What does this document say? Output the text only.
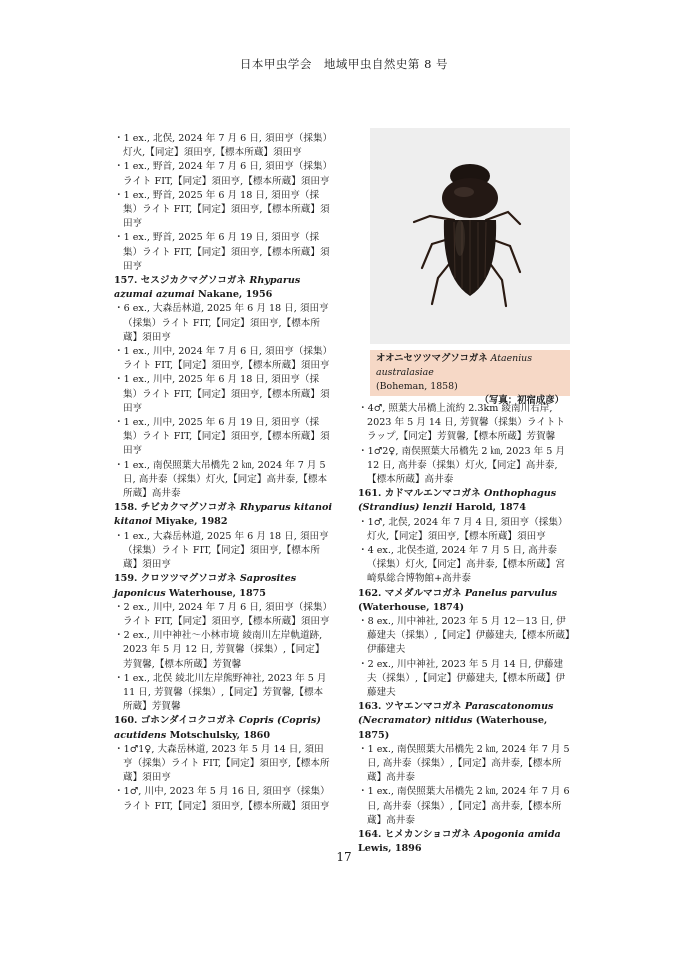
日本甲虫学会　地域甲虫自然史第 8 号

・1 ex., 北俣, 2024 年 7 月 6 日, 須田亨（採集）灯火,【同定】須田亨,【標本所蔵】須田亨

・1 ex., 野首, 2024 年 7 月 6 日, 須田亨（採集）ライト FIT,【同定】須田亨,【標本所蔵】須田亨

・1 ex., 野首, 2025 年 6 月 18 日, 須田亨（採集）ライト FIT,【同定】須田亨,【標本所蔵】須田亨

・1 ex., 野首, 2025 年 6 月 19 日, 須田亨（採集）ライト FIT,【同定】須田亨,【標本所蔵】須田亨

157. セスジカクマグソコガネ Rhyparus azumai azumai Nakane, 1956

・6 ex., 大森岳林道, 2025 年 6 月 18 日, 須田亨（採集）ライト FIT,【同定】須田亨,【標本所蔵】須田亨

・1 ex., 川中, 2024 年 7 月 6 日, 須田亨（採集）ライト FIT,【同定】須田亨,【標本所蔵】須田亨

・1 ex., 川中, 2025 年 6 月 18 日, 須田亨（採集）ライト FIT,【同定】須田亨,【標本所蔵】須田亨

・1 ex., 川中, 2025 年 6 月 19 日, 須田亨（採集）ライト FIT,【同定】須田亨,【標本所蔵】須田亨

・1 ex., 南俣照葉大吊橋先 2 ㎞, 2024 年 7 月 5 日, 高井泰（採集）灯火,【同定】高井泰,【標本所蔵】高井泰

158. チビカクマグソコガネ Rhyparus kitanoi kitanoi Miyake, 1982

・1 ex., 大森岳林道, 2025 年 6 月 18 日, 須田亨（採集）ライト FIT,【同定】須田亨,【標本所蔵】須田亨

159. クロツツマグソコガネ Saprosites japonicus Waterhouse, 1875

・2 ex., 川中, 2024 年 7 月 6 日, 須田亨（採集）ライト FIT,【同定】須田亨,【標本所蔵】須田亨

・2 ex., 川中神社～小林市境 綾南川左岸軌道跡, 2023 年 5 月 12 日, 芳賀馨（採集）,【同定】芳賀馨,【標本所蔵】芳賀馨

・1 ex., 北俣 綾北川左岸熊野神社, 2023 年 5 月 11 日, 芳賀馨（採集）,【同定】芳賀馨,【標本所蔵】芳賀馨

160. ゴホンダイコクコガネ Copris (Copris) acutidens Motschulsky, 1860

・1♂1♀, 大森岳林道, 2023 年 5 月 14 日, 須田亨（採集）ライト FIT,【同定】須田亨,【標本所蔵】須田亨

・1♂, 川中, 2023 年 5 月 16 日, 須田亨（採集）ライト FIT,【同定】須田亨,【標本所蔵】須田亨

オオニセツツマグソコガネ Ataenius australasiae
(Boheman, 1858)
（写真：初宿成彦）

・4♂, 照葉大吊橋上流約 2.3km 綾南川右岸, 2023 年 5 月 14 日, 芳賀馨（採集）ライトトラップ,【同定】芳賀馨,【標本所蔵】芳賀馨

・1♂2♀, 南俣照葉大吊橋先 2 ㎞, 2023 年 5 月 12 日, 高井泰（採集）灯火,【同定】高井泰,【標本所蔵】高井泰

161. カドマルエンマコガネ Onthophagus (Strandius) lenzii Harold, 1874

・1♂, 北俣, 2024 年 7 月 4 日, 須田亨（採集）灯火,【同定】須田亨,【標本所蔵】須田亨

・4 ex., 北俣杢道, 2024 年 7 月 5 日, 高井泰（採集）灯火,【同定】高井泰,【標本所蔵】宮崎県総合博物館+高井泰

162. マメダルマコガネ Panelus parvulus (Waterhouse, 1874)

・8 ex., 川中神社, 2023 年 5 月 12－13 日, 伊藤建夫（採集）,【同定】伊藤建夫,【標本所蔵】伊藤建夫

・2 ex., 川中神社, 2023 年 5 月 14 日, 伊藤建夫（採集）,【同定】伊藤建夫,【標本所蔵】伊藤建夫

163. ツヤエンマコガネ Parascatonomus (Necramator) nitidus (Waterhouse, 1875)

・1 ex., 南俣照葉大吊橋先 2 ㎞, 2024 年 7 月 5 日, 高井泰（採集）,【同定】高井泰,【標本所蔵】高井泰

・1 ex., 南俣照葉大吊橋先 2 ㎞, 2024 年 7 月 6 日, 高井泰（採集）,【同定】高井泰,【標本所蔵】高井泰

164. ヒメカンショコガネ Apogonia amida Lewis, 1896

17
